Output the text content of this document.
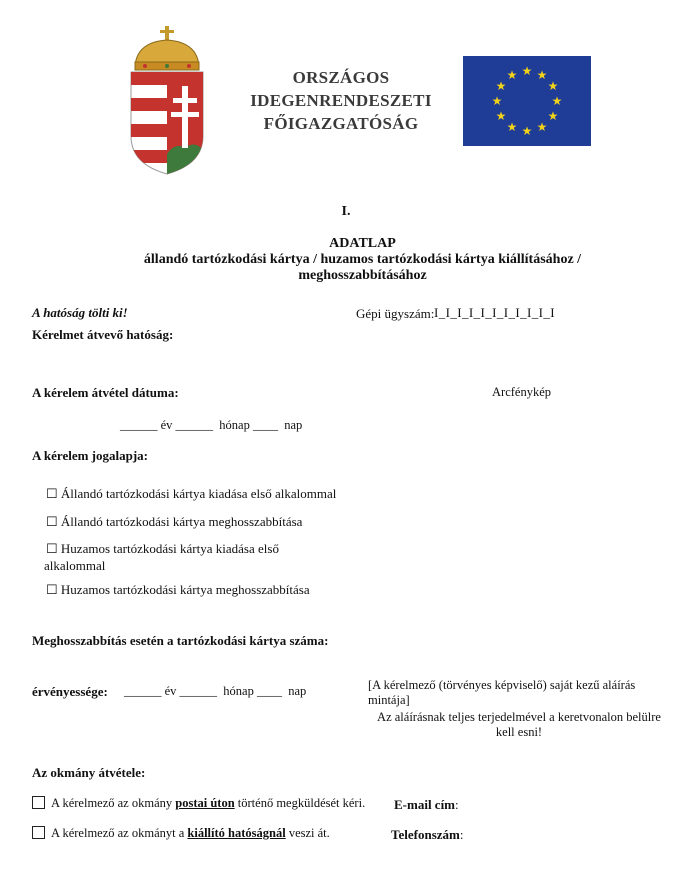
ORSZÁGOS
IDEGENRENDESZETI
FŐIGAZGATÓSÁG
★ ★
★
★
★
★
★
★
★
★
★
★
I.
ADATLAP
állandó tartózkodási kártya / huzamos tartózkodási kártya kiállításához /
meghosszabbításához
A hatóság tölti ki!	Gépi ügyszám: I_I_I_I_I_I_I_I_I_I_I
Kérelmet átvevő hatóság:
A kérelem átvétel dátuma:	Arcfénykép
______ év ______  hónap ____  nap
A kérelem jogalapja:
☐ Állandó tartózkodási kártya kiadása első alkalommal
☐ Állandó tartózkodási kártya meghosszabbítása
☐ Huzamos tartózkodási kártya kiadása első
alkalommal
☐ Huzamos tartózkodási kártya meghosszabbítása
Meghosszabbítás esetén a tartózkodási kártya száma:
érvényessége: ______ év ______  hónap ____  nap	[A kérelmező (törvényes képviselő) saját kezű aláírás
mintája]
Az aláírásnak teljes terjedelmével a keretvonalon belülre
kell esni!
Az okmány átvétele:
A kérelmező az okmány postai úton történő megküldését kéri. E-mail cím:
A kérelmező az okmányt a kiállító hatóságnál veszi át.	Telefonszám:
